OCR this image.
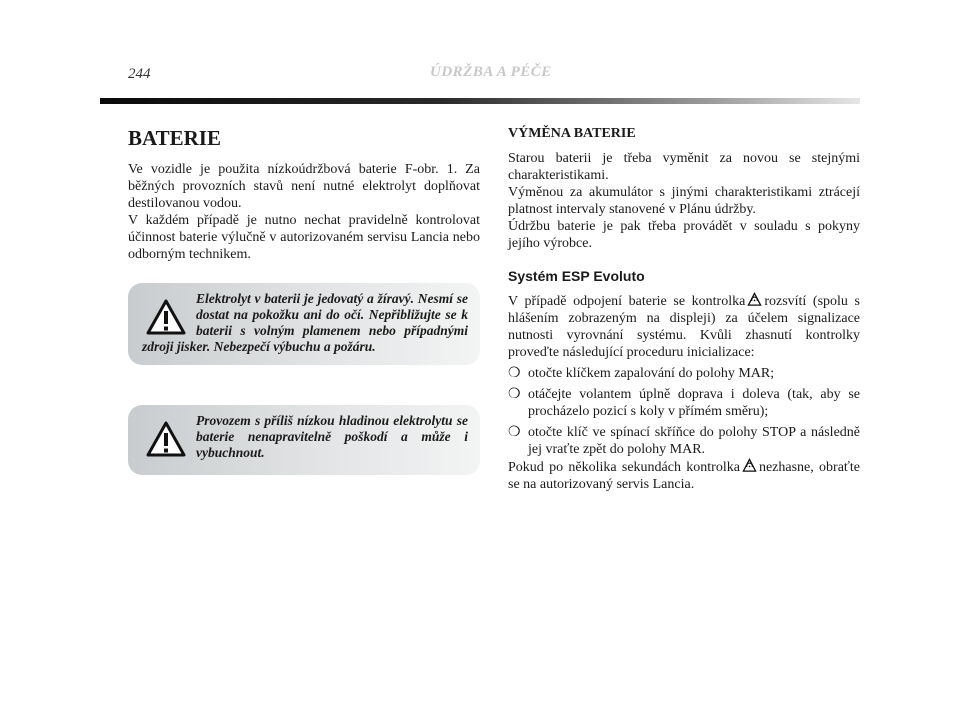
244	ÚDRŽBA A PÉČE
BATERIE

Ve vozidle je použita nízkoúdržbová baterie F-obr. 1. Za běžných provozních stavů není nutné elektrolyt doplňovat destilovanou vodou.
V každém případě je nutno nechat pravidelně kontrolovat účinnost baterie výlučně v autorizovaném servisu Lancia nebo odborným technikem.

Elektrolyt v baterii je jedovatý a žíravý. Nesmí se dostat na pokožku ani do očí. Nepřibližujte se k baterii s volným plamenem nebo případnými zdroji jisker. Nebezpečí výbuchu a požáru.

Provozem s příliš nízkou hladinou elektrolytu se baterie nenapravitelně poškodí a může i vybuchnout.

VÝMĚNA BATERIE

Starou baterii je třeba vyměnit za novou se stejnými charakteristikami.
Výměnou za akumulátor s jinými charakteristikami ztrácejí platnost intervaly stanovené v Plánu údržby.
Údržbu baterie je pak třeba provádět v souladu s pokyny jejího výrobce.

Systém ESP Evoluto

V případě odpojení baterie se kontrolka rozsvítí (spolu s hlášením zobrazeným na displeji) za účelem signalizace nutnosti vyrovnání systému. Kvůli zhasnutí kontrolky proveďte následující proceduru inicializace:

❍ otočte klíčkem zapalování do polohy MAR;

❍ otáčejte volantem úplně doprava i doleva (tak, aby se procházelo pozicí s koly v přímém směru);

❍ otočte klíč ve spínací skříňce do polohy STOP a následně jej vraťte zpět do polohy MAR.

Pokud po několika sekundách kontrolka nezhasne, obraťte se na autorizovaný servis Lancia.
